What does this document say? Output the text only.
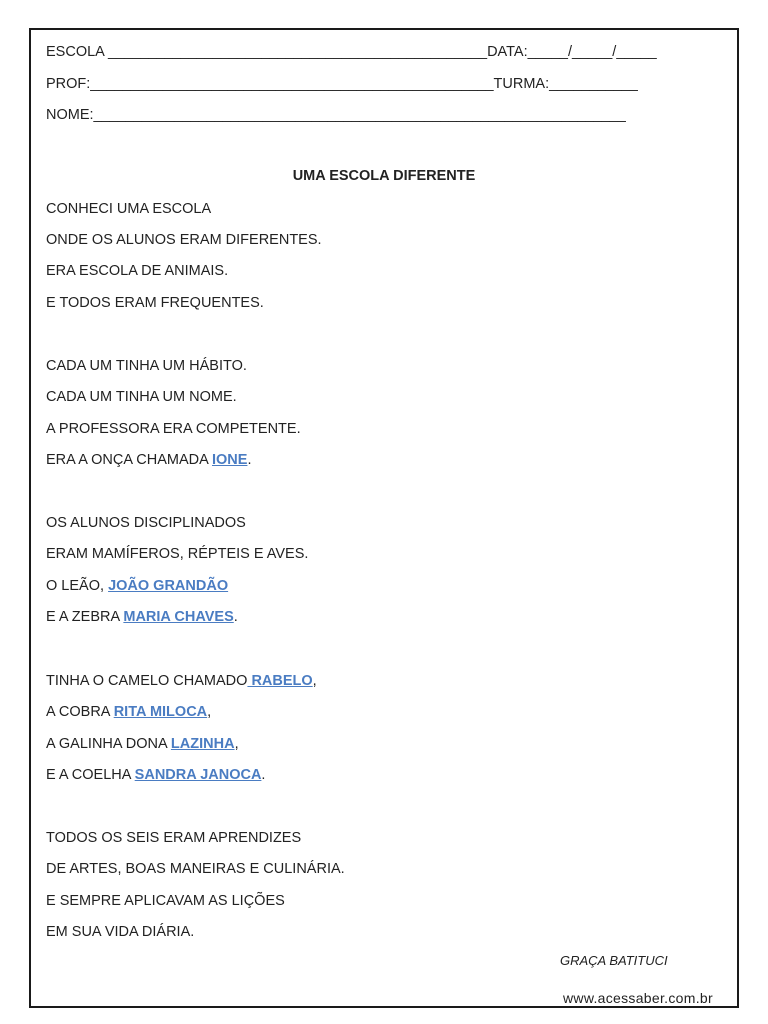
ESCOLA _______________________________________________DATA:_____/_____/_____
PROF:__________________________________________________TURMA:___________
NOME:__________________________________________________________________
UMA ESCOLA DIFERENTE
CONHECI UMA ESCOLA
ONDE OS ALUNOS ERAM DIFERENTES.
ERA ESCOLA DE ANIMAIS.
E TODOS ERAM FREQUENTES.
CADA UM TINHA UM HÁBITO.
CADA UM TINHA UM NOME.
A PROFESSORA ERA COMPETENTE.
ERA A ONÇA CHAMADA IONE.
OS ALUNOS DISCIPLINADOS
ERAM MAMÍFEROS, RÉPTEIS E AVES.
O LEÃO, JOÃO GRANDÃO
E A ZEBRA MARIA CHAVES.
TINHA O CAMELO CHAMADO RABELO,
A COBRA RITA MILOCA,
A GALINHA DONA LAZINHA,
E A COELHA SANDRA JANOCA.
TODOS OS SEIS ERAM APRENDIZES
DE ARTES, BOAS MANEIRAS E CULINÁRIA.
E SEMPRE APLICAVAM AS LIÇÕES
EM SUA VIDA DIÁRIA.
GRAÇA BATITUCI
www.acessaber.com.br
